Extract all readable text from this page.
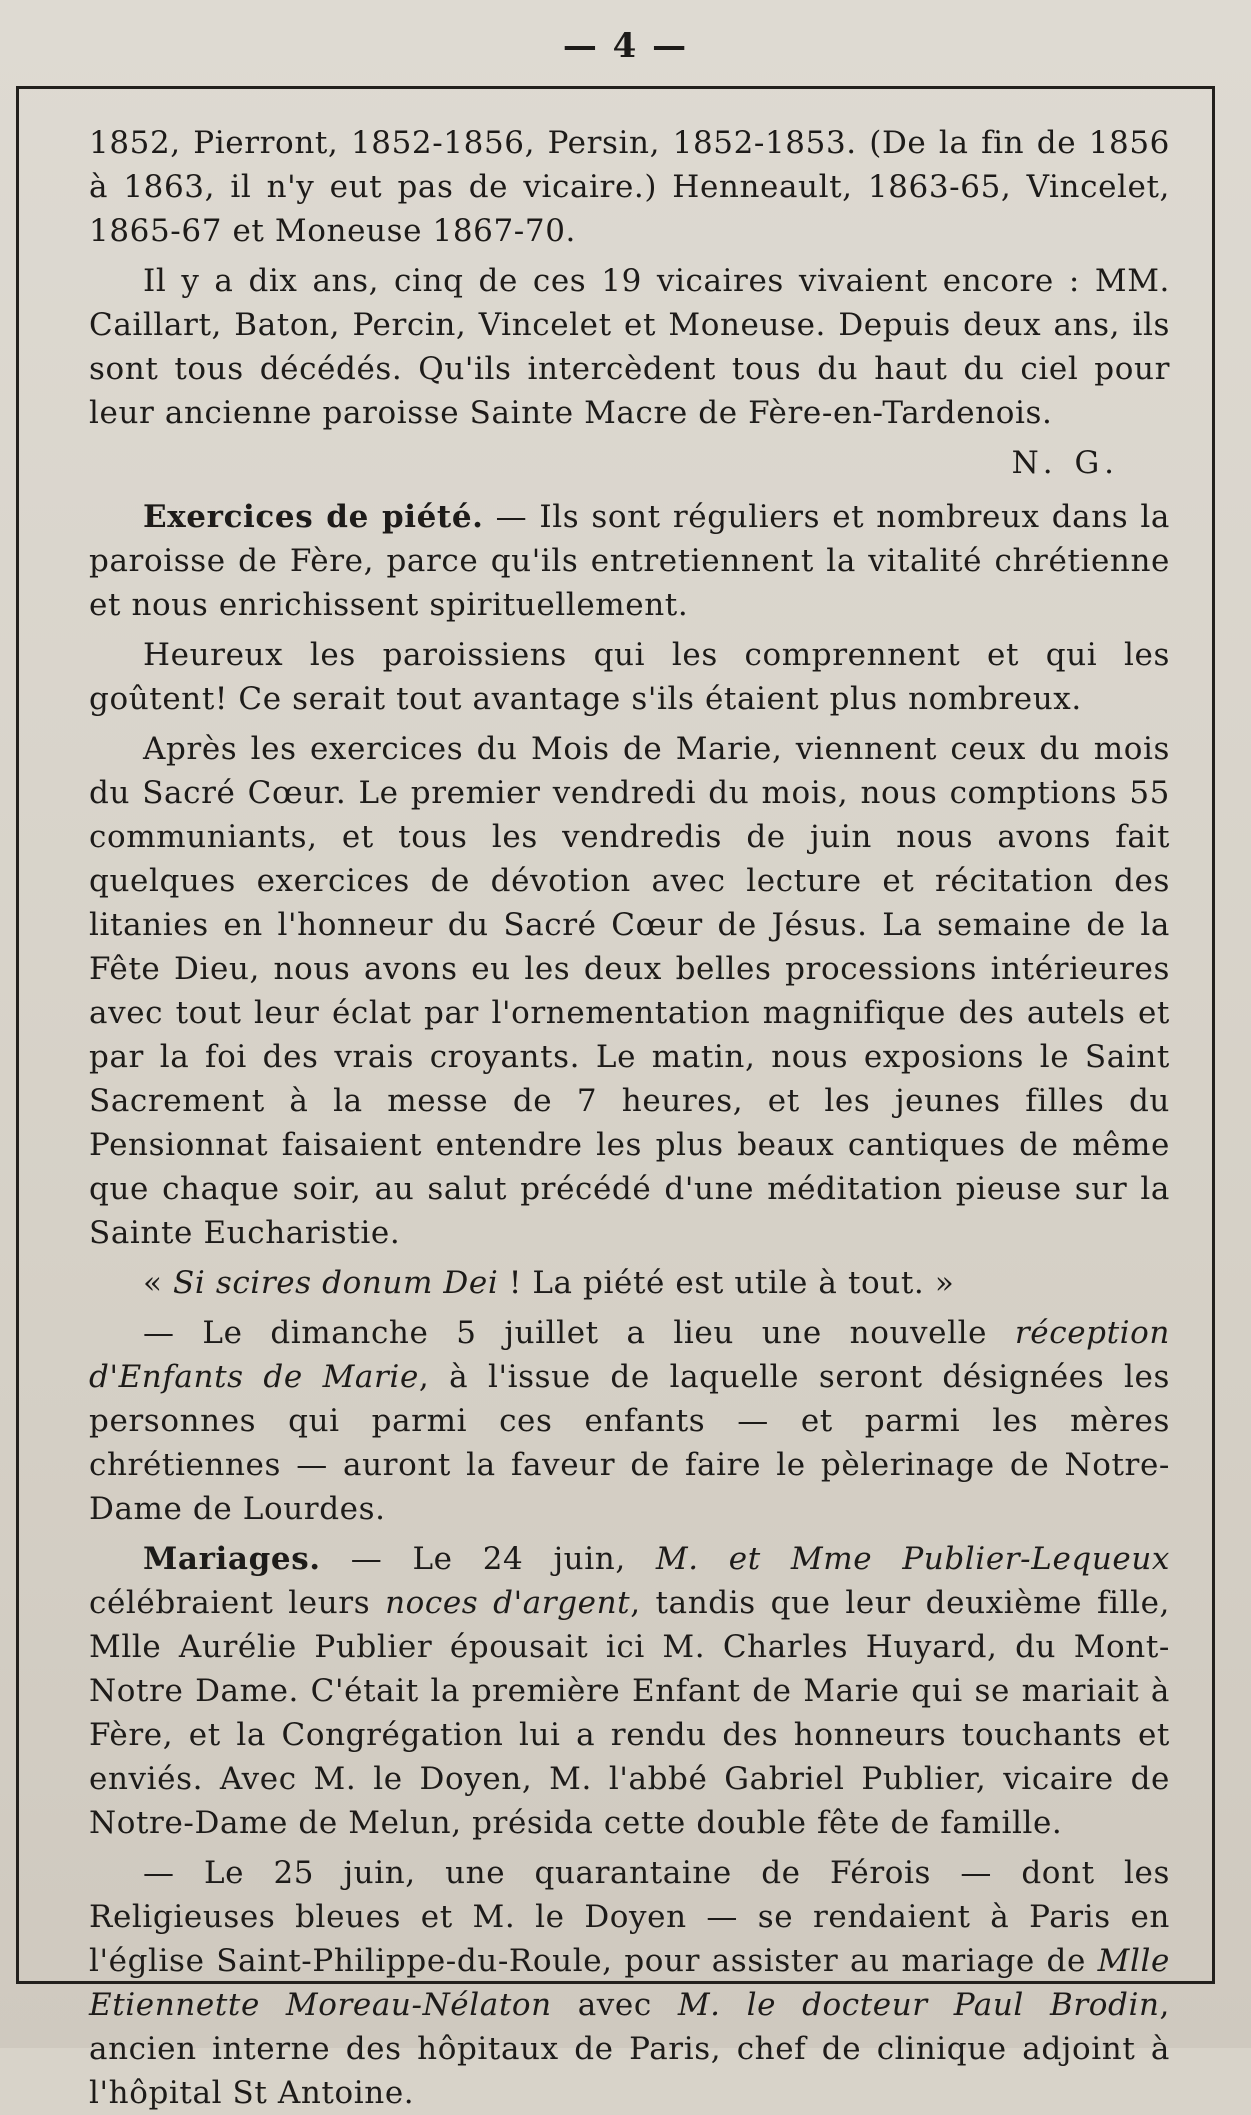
— 4 —

1852, Pierront, 1852-1856, Persin, 1852-1853. (De la fin de 1856 à 1863, il n'y eut pas de vicaire.) Henneault, 1863-65, Vincelet, 1865-67 et Moneuse 1867-70.

Il y a dix ans, cinq de ces 19 vicaires vivaient encore : MM. Caillart, Baton, Percin, Vincelet et Moneuse. Depuis deux ans, ils sont tous décédés. Qu'ils intercèdent tous du haut du ciel pour leur ancienne paroisse Sainte Macre de Fère-en-Tardenois.

N. G.

Exercices de piété. — Ils sont réguliers et nombreux dans la paroisse de Fère, parce qu'ils entretiennent la vitalité chrétienne et nous enrichissent spirituellement.

Heureux les paroissiens qui les comprennent et qui les goûtent! Ce serait tout avantage s'ils étaient plus nombreux.

Après les exercices du Mois de Marie, viennent ceux du mois du Sacré Cœur. Le premier vendredi du mois, nous comptions 55 communiants, et tous les vendredis de juin nous avons fait quelques exercices de dévotion avec lecture et récitation des litanies en l'honneur du Sacré Cœur de Jésus. La semaine de la Fête Dieu, nous avons eu les deux belles processions intérieures avec tout leur éclat par l'ornementation magnifique des autels et par la foi des vrais croyants. Le matin, nous exposions le Saint Sacrement à la messe de 7 heures, et les jeunes filles du Pensionnat faisaient entendre les plus beaux cantiques de même que chaque soir, au salut précédé d'une méditation pieuse sur la Sainte Eucharistie.

« Si scires donum Dei ! La piété est utile à tout. »

— Le dimanche 5 juillet a lieu une nouvelle réception d'Enfants de Marie, à l'issue de laquelle seront désignées les personnes qui parmi ces enfants — et parmi les mères chrétiennes — auront la faveur de faire le pèlerinage de Notre-Dame de Lourdes.

Mariages. — Le 24 juin, M. et Mme Publier-Lequeux célébraient leurs noces d'argent, tandis que leur deuxième fille, Mlle Aurélie Publier épousait ici M. Charles Huyard, du Mont-Notre Dame. C'était la première Enfant de Marie qui se mariait à Fère, et la Congrégation lui a rendu des honneurs touchants et enviés. Avec M. le Doyen, M. l'abbé Gabriel Publier, vicaire de Notre-Dame de Melun, présida cette double fête de famille.

— Le 25 juin, une quarantaine de Férois — dont les Religieuses bleues et M. le Doyen — se rendaient à Paris en l'église Saint-Philippe-du-Roule, pour assister au mariage de Mlle Etiennette Moreau-Nélaton avec M. le docteur Paul Brodin, ancien interne des hôpitaux de Paris, chef de clinique adjoint à l'hôpital St Antoine.
